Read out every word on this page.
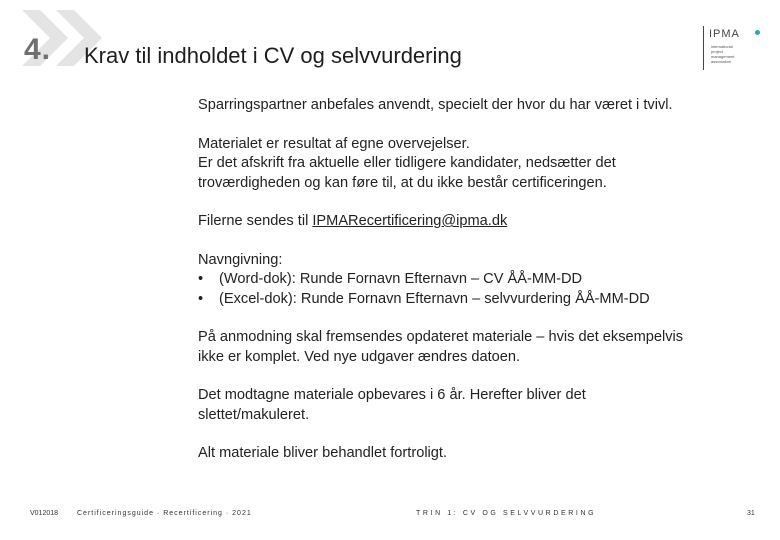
4. Krav til indholdet i CV og selvvurdering
IPMA
international
project
management
association

Sparringspartner anbefales anvendt, specielt der hvor du har været i tvivl.

Materialet er resultat af egne overvejelser.
Er det afskrift fra aktuelle eller tidligere kandidater, nedsætter det
troværdigheden og kan føre til, at du ikke består certificeringen.

Filerne sendes til IPMARecertificering@ipma.dk

Navngivning:
• (Word-dok): Runde Fornavn Efternavn – CV ÅÅ-MM-DD
• (Excel-dok): Runde Fornavn Efternavn – selvvurdering ÅÅ-MM-DD

På anmodning skal fremsendes opdateret materiale – hvis det eksempelvis
ikke er komplet. Ved nye udgaver ændres datoen.

Det modtagne materiale opbevares i 6 år. Herefter bliver det
slettet/makuleret.

Alt materiale bliver behandlet fortroligt.

V012018	Certificeringsguide · Recertificering · 2021	TRIN 1: CV OG SELVVURDERING	31
